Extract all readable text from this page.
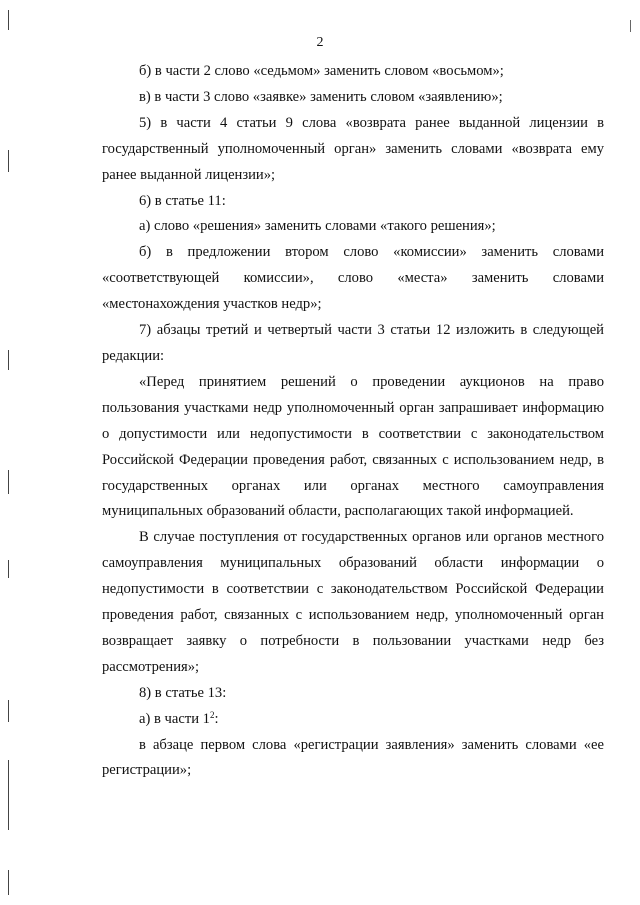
2

б) в части 2 слово «седьмом» заменить словом «восьмом»;

в) в части 3 слово «заявке» заменить словом «заявлению»;

5) в части 4 статьи 9 слова «возврата ранее выданной лицензии в государственный уполномоченный орган» заменить словами «возврата ему ранее выданной лицензии»;

6) в статье 11:

а) слово «решения» заменить словами «такого решения»;

б) в предложении втором слово «комиссии» заменить словами «соответствующей комиссии», слово «места» заменить словами «местонахождения участков недр»;

7) абзацы третий и четвертый части 3 статьи 12 изложить в следующей редакции:

«Перед принятием решений о проведении аукционов на право пользования участками недр уполномоченный орган запрашивает информацию о допустимости или недопустимости в соответствии с законодательством Российской Федерации проведения работ, связанных с использованием недр, в государственных органах или органах местного самоуправления муниципальных образований области, располагающих такой информацией.

В случае поступления от государственных органов или органов местного самоуправления муниципальных образований области информации о недопустимости в соответствии с законодательством Российской Федерации проведения работ, связанных с использованием недр, уполномоченный орган возвращает заявку о потребности в пользовании участками недр без рассмотрения»;

8) в статье 13:

а) в части $1^2$:

в абзаце первом слова «регистрации заявления» заменить словами «ее регистрации»;
